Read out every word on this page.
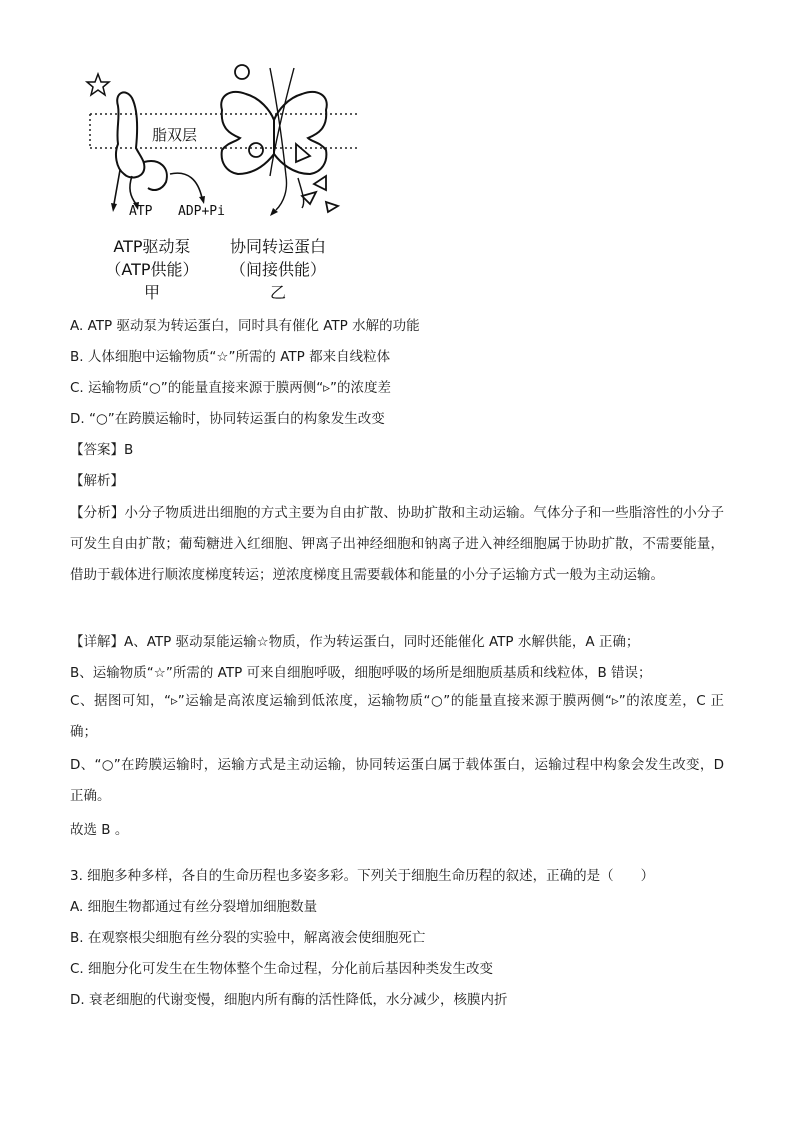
脂双层
ATP ADP+Pi
ATP驱动泵
（ATP供能）
甲
协同转运蛋白
（间接供能）
乙
A. ATP 驱动泵为转运蛋白，同时具有催化 ATP 水解的功能
B. 人体细胞中运输物质“☆”所需的 ATP 都来自线粒体
C. 运输物质“○”的能量直接来源于膜两侧“▹”的浓度差
D. “○”在跨膜运输时，协同转运蛋白的构象发生改变
【答案】B
【解析】
【分析】小分子物质进出细胞的方式主要为自由扩散、协助扩散和主动运输。气体分子和一些脂溶性的小分子可发生自由扩散；葡萄糖进入红细胞、钾离子出神经细胞和钠离子进入神经细胞属于协助扩散，不需要能量，借助于载体进行顺浓度梯度转运；逆浓度梯度且需要载体和能量的小分子运输方式一般为主动运输。
【详解】A、ATP 驱动泵能运输☆物质，作为转运蛋白，同时还能催化 ATP 水解供能，A 正确；
B、运输物质“☆”所需的 ATP 可来自细胞呼吸，细胞呼吸的场所是细胞质基质和线粒体，B 错误；
C、据图可知，“▹”运输是高浓度运输到低浓度，运输物质“○”的能量直接来源于膜两侧“▹”的浓度差，C 正确；
D、“○”在跨膜运输时，运输方式是主动运输，协同转运蛋白属于载体蛋白，运输过程中构象会发生改变，D 正确。
故选 B 。
3. 细胞多种多样，各自的生命历程也多姿多彩。下列关于细胞生命历程的叙述，正确的是（　　）
A. 细胞生物都通过有丝分裂增加细胞数量
B. 在观察根尖细胞有丝分裂的实验中，解离液会使细胞死亡
C. 细胞分化可发生在生物体整个生命过程，分化前后基因种类发生改变
D. 衰老细胞的代谢变慢，细胞内所有酶的活性降低，水分减少，核膜内折
